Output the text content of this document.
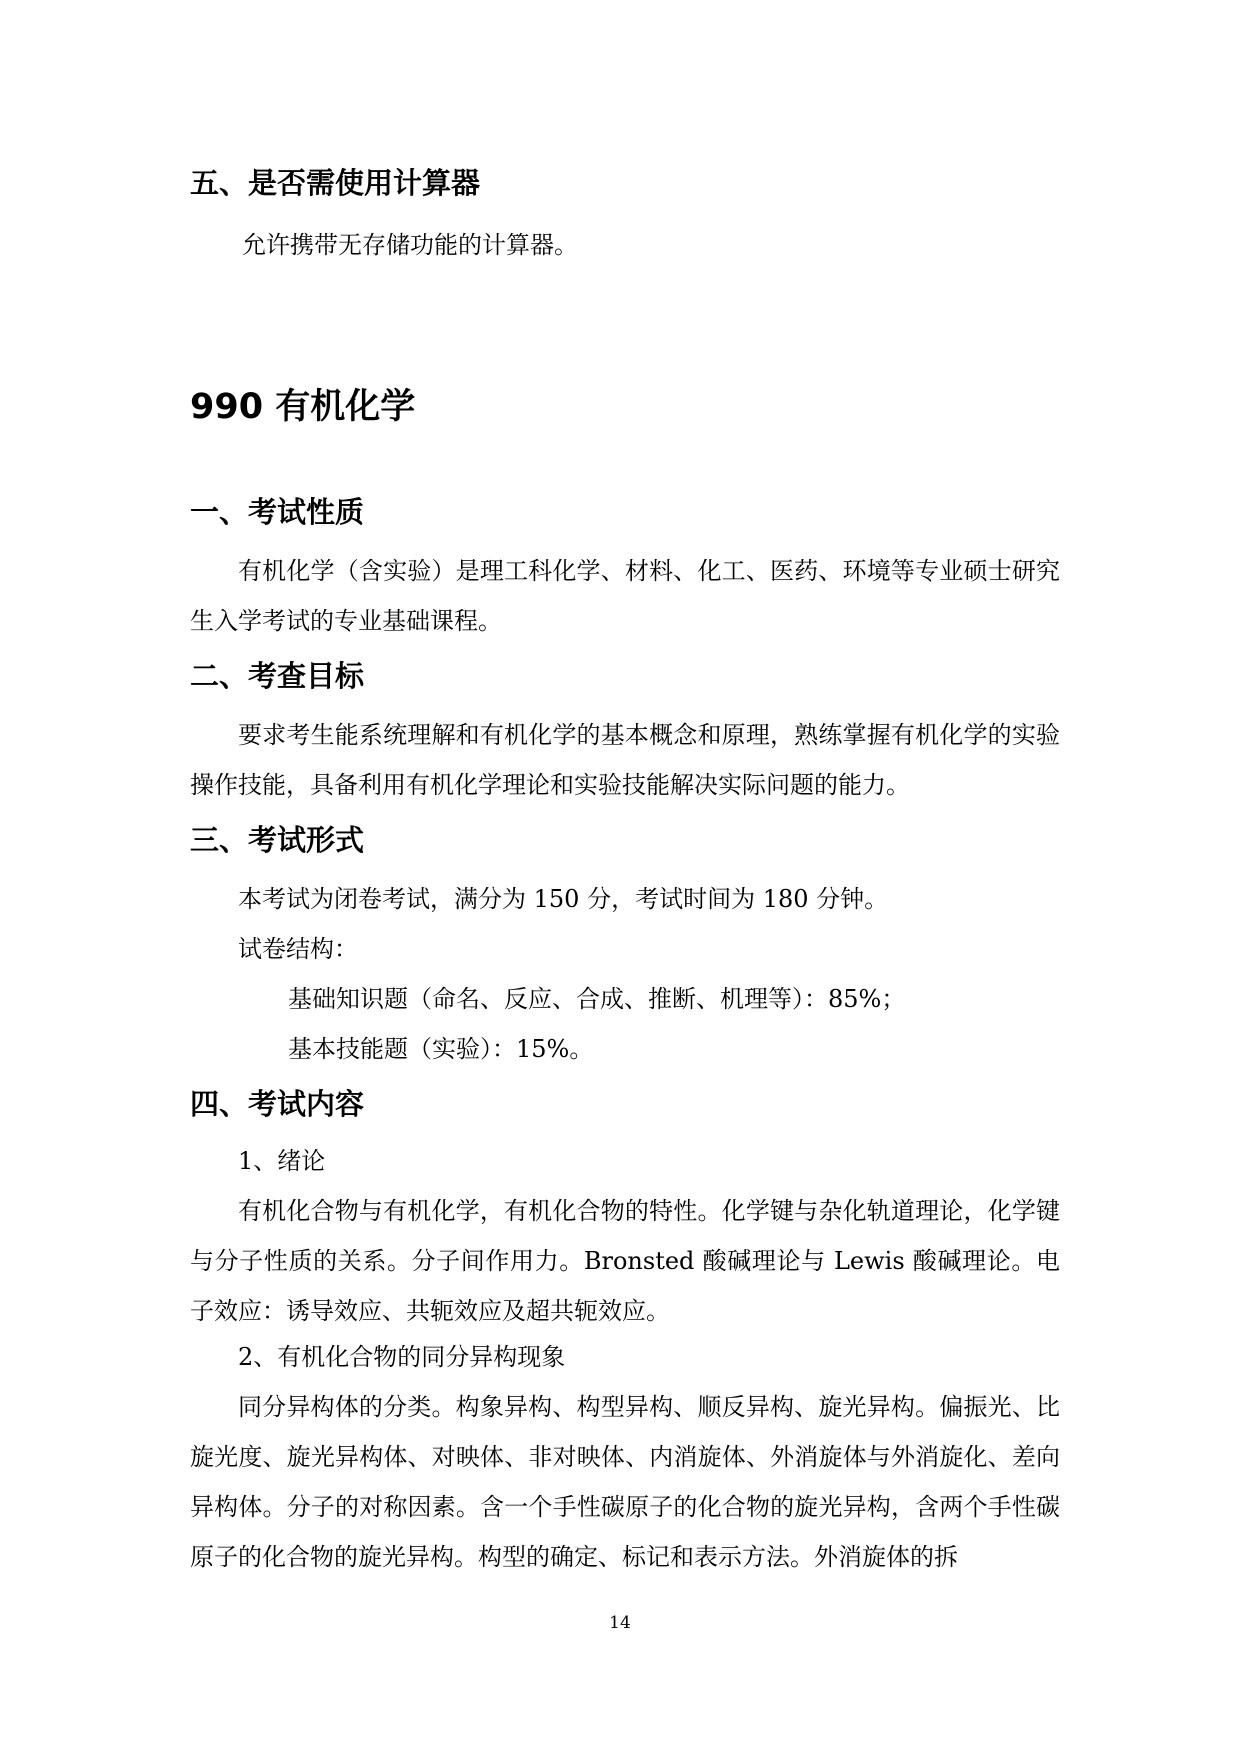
五、是否需使用计算器

允许携带无存储功能的计算器。

990 有机化学
一、考试性质

有机化学（含实验）是理工科化学、材料、化工、医药、环境等专业硕士研究生入学考试的专业基础课程。

二、考查目标

要求考生能系统理解和有机化学的基本概念和原理，熟练掌握有机化学的实验操作技能，具备利用有机化学理论和实验技能解决实际问题的能力。

三、考试形式

本考试为闭卷考试，满分为 150 分，考试时间为 180 分钟。

试卷结构：

基础知识题（命名、反应、合成、推断、机理等）：85%；

基本技能题（实验）：15%。

四、考试内容

1、绪论

有机化合物与有机化学，有机化合物的特性。化学键与杂化轨道理论，化学键与分子性质的关系。分子间作用力。Bronsted 酸碱理论与 Lewis 酸碱理论。电子效应：诱导效应、共轭效应及超共轭效应。

2、有机化合物的同分异构现象

同分异构体的分类。构象异构、构型异构、顺反异构、旋光异构。偏振光、比旋光度、旋光异构体、对映体、非对映体、内消旋体、外消旋体与外消旋化、差向异构体。分子的对称因素。含一个手性碳原子的化合物的旋光异构，含两个手性碳原子的化合物的旋光异构。构型的确定、标记和表示方法。外消旋体的拆

14
